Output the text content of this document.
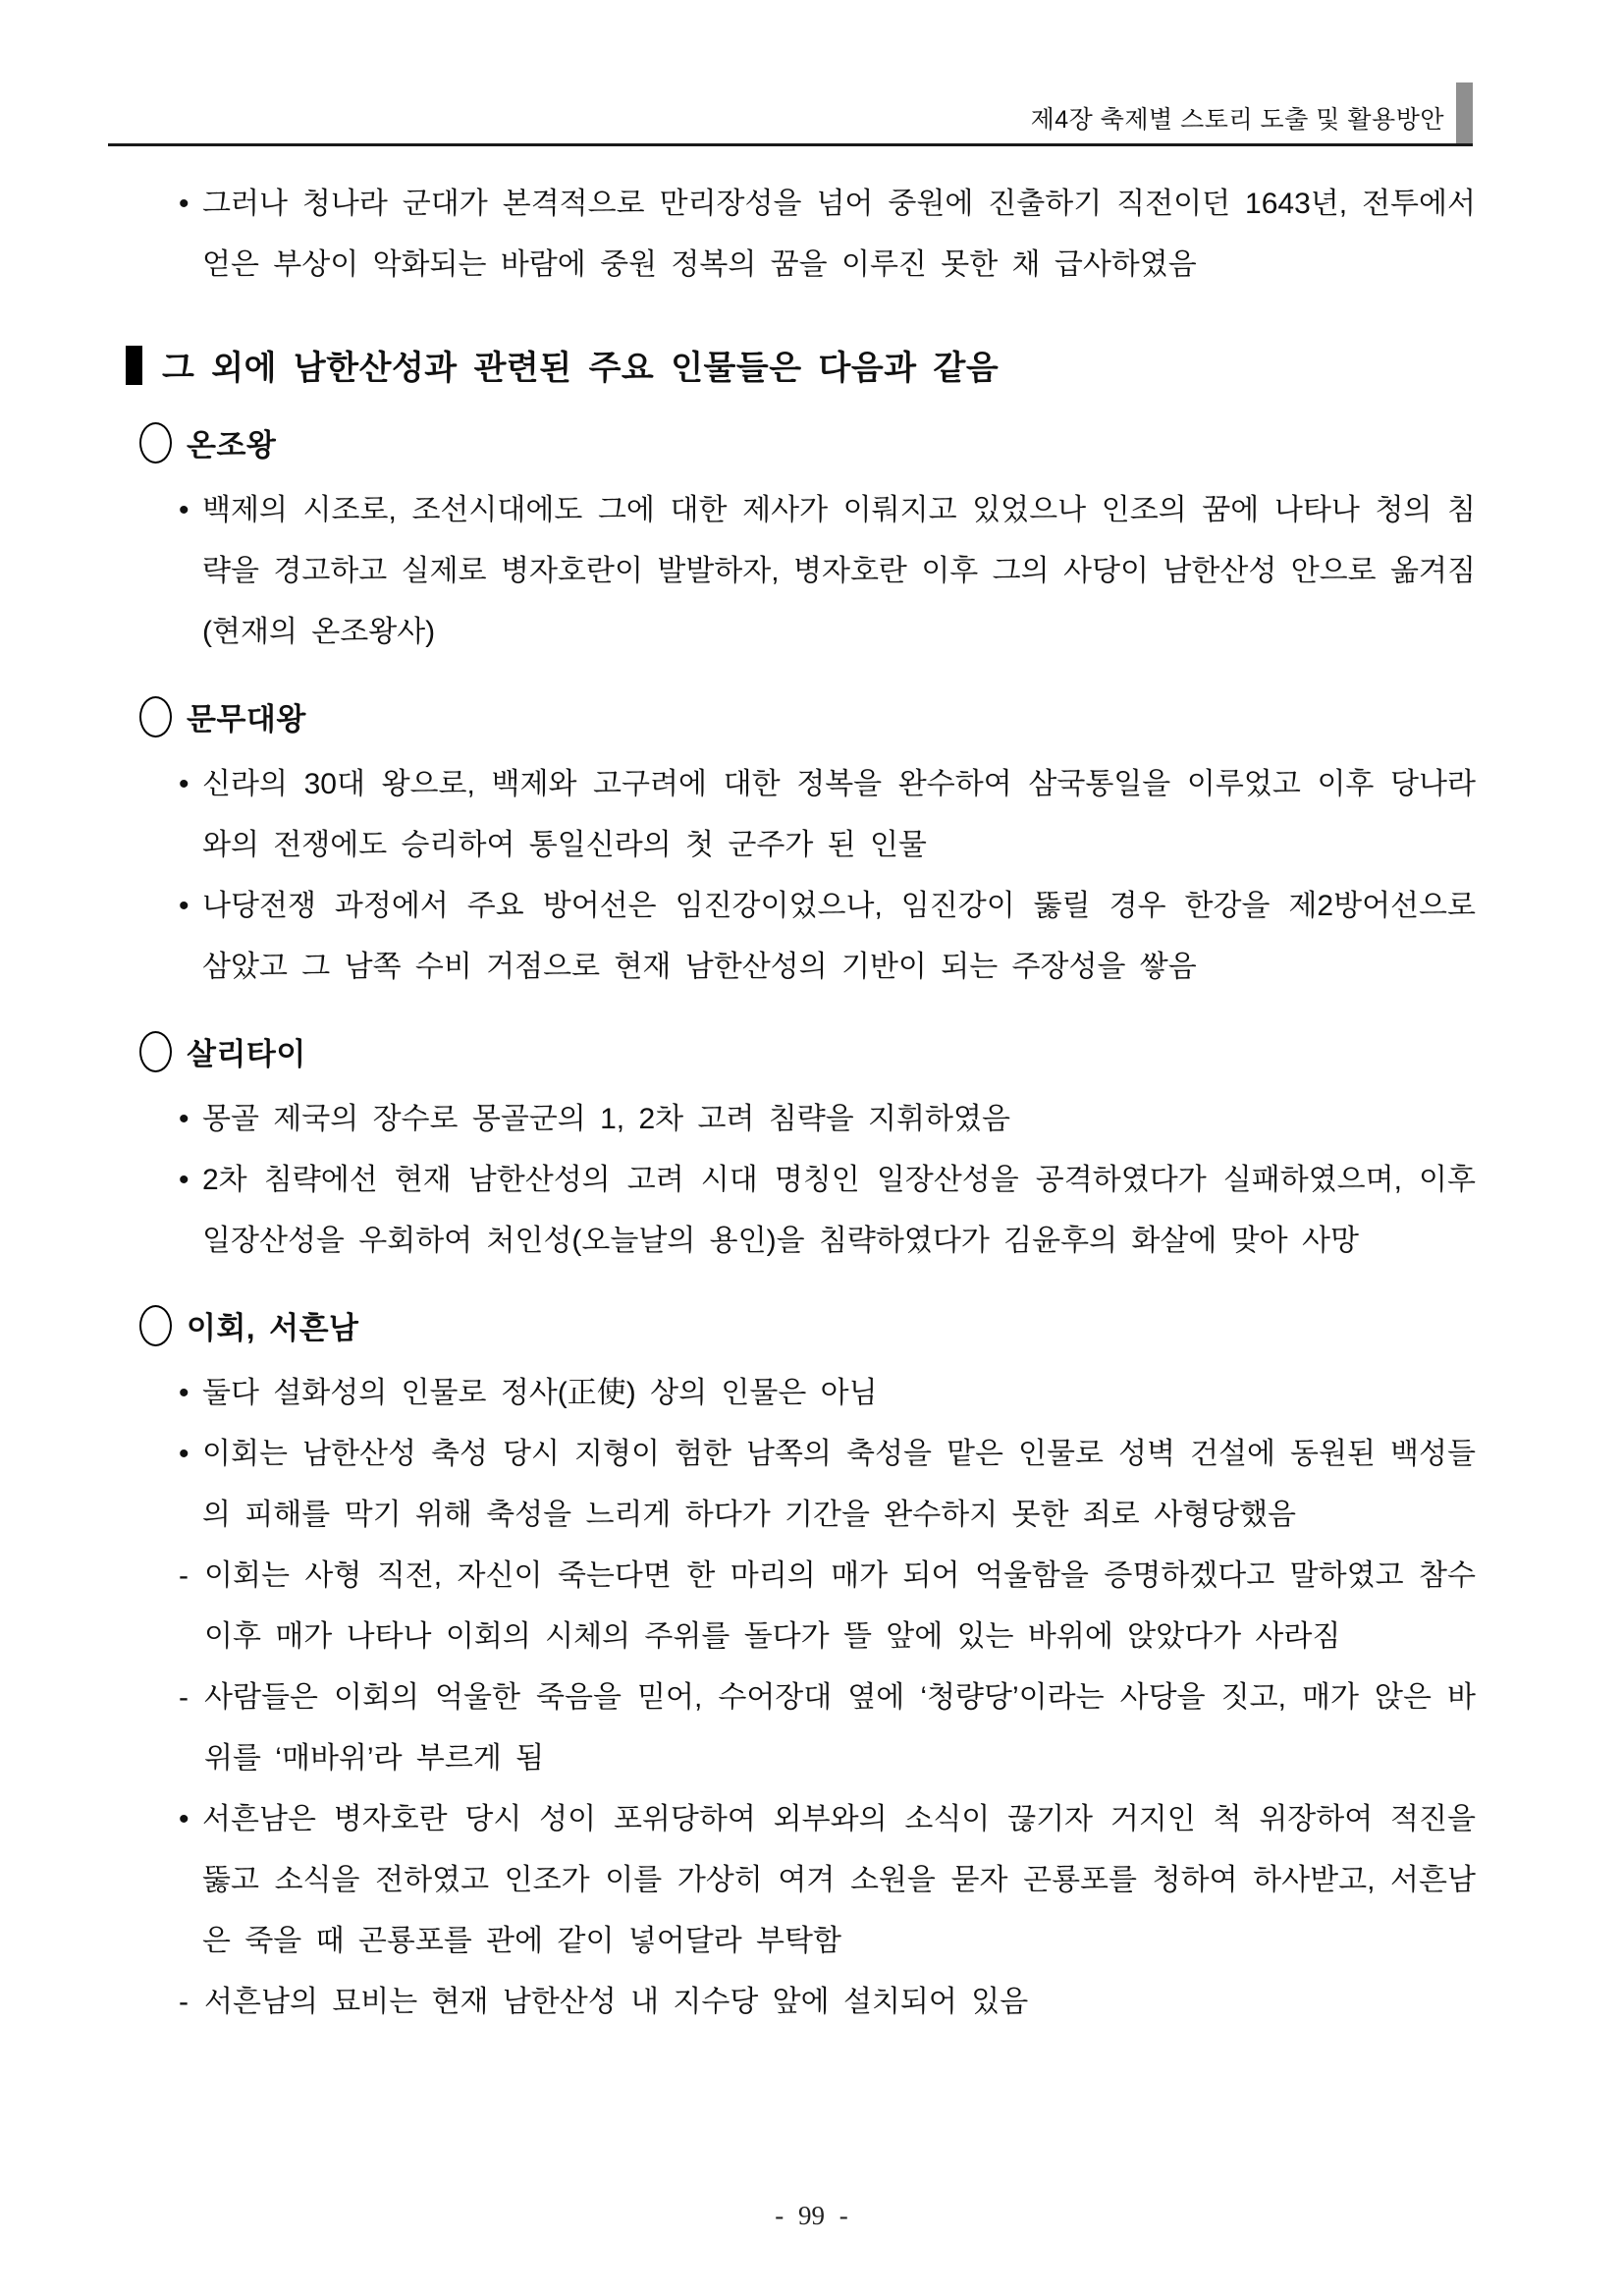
제4장 축제별 스토리 도출 및 활용방안
• 그러나 청나라 군대가 본격적으로 만리장성을 넘어 중원에 진출하기 직전이던 1643년, 전투에서 얻은 부상이 악화되는 바람에 중원 정복의 꿈을 이루진 못한 채 급사하였음
그 외에 남한산성과 관련된 주요 인물들은 다음과 같음
온조왕
• 백제의 시조로, 조선시대에도 그에 대한 제사가 이뤄지고 있었으나 인조의 꿈에 나타나 청의 침략을 경고하고 실제로 병자호란이 발발하자, 병자호란 이후 그의 사당이 남한산성 안으로 옮겨짐(현재의 온조왕사)
문무대왕
• 신라의 30대 왕으로, 백제와 고구려에 대한 정복을 완수하여 삼국통일을 이루었고 이후 당나라와의 전쟁에도 승리하여 통일신라의 첫 군주가 된 인물
• 나당전쟁 과정에서 주요 방어선은 임진강이었으나, 임진강이 뚫릴 경우 한강을 제2방어선으로 삼았고 그 남쪽 수비 거점으로 현재 남한산성의 기반이 되는 주장성을 쌓음
살리타이
• 몽골 제국의 장수로 몽골군의 1, 2차 고려 침략을 지휘하였음
• 2차 침략에선 현재 남한산성의 고려 시대 명칭인 일장산성을 공격하였다가 실패하였으며, 이후 일장산성을 우회하여 처인성(오늘날의 용인)을 침략하였다가 김윤후의 화살에 맞아 사망
이회, 서흔남
• 둘다 설화성의 인물로 정사(正使) 상의 인물은 아님
• 이회는 남한산성 축성 당시 지형이 험한 남쪽의 축성을 맡은 인물로 성벽 건설에 동원된 백성들의 피해를 막기 위해 축성을 느리게 하다가 기간을 완수하지 못한 죄로 사형당했음
- 이회는 사형 직전, 자신이 죽는다면 한 마리의 매가 되어 억울함을 증명하겠다고 말하였고 참수 이후 매가 나타나 이회의 시체의 주위를 돌다가 뜰 앞에 있는 바위에 앉았다가 사라짐
- 사람들은 이회의 억울한 죽음을 믿어, 수어장대 옆에 ‘청량당’이라는 사당을 짓고, 매가 앉은 바위를 ‘매바위’라 부르게 됨
• 서흔남은 병자호란 당시 성이 포위당하여 외부와의 소식이 끊기자 거지인 척 위장하여 적진을 뚫고 소식을 전하였고 인조가 이를 가상히 여겨 소원을 묻자 곤룡포를 청하여 하사받고, 서흔남은 죽을 때 곤룡포를 관에 같이 넣어달라 부탁함
- 서흔남의 묘비는 현재 남한산성 내 지수당 앞에 설치되어 있음
- 99 -
